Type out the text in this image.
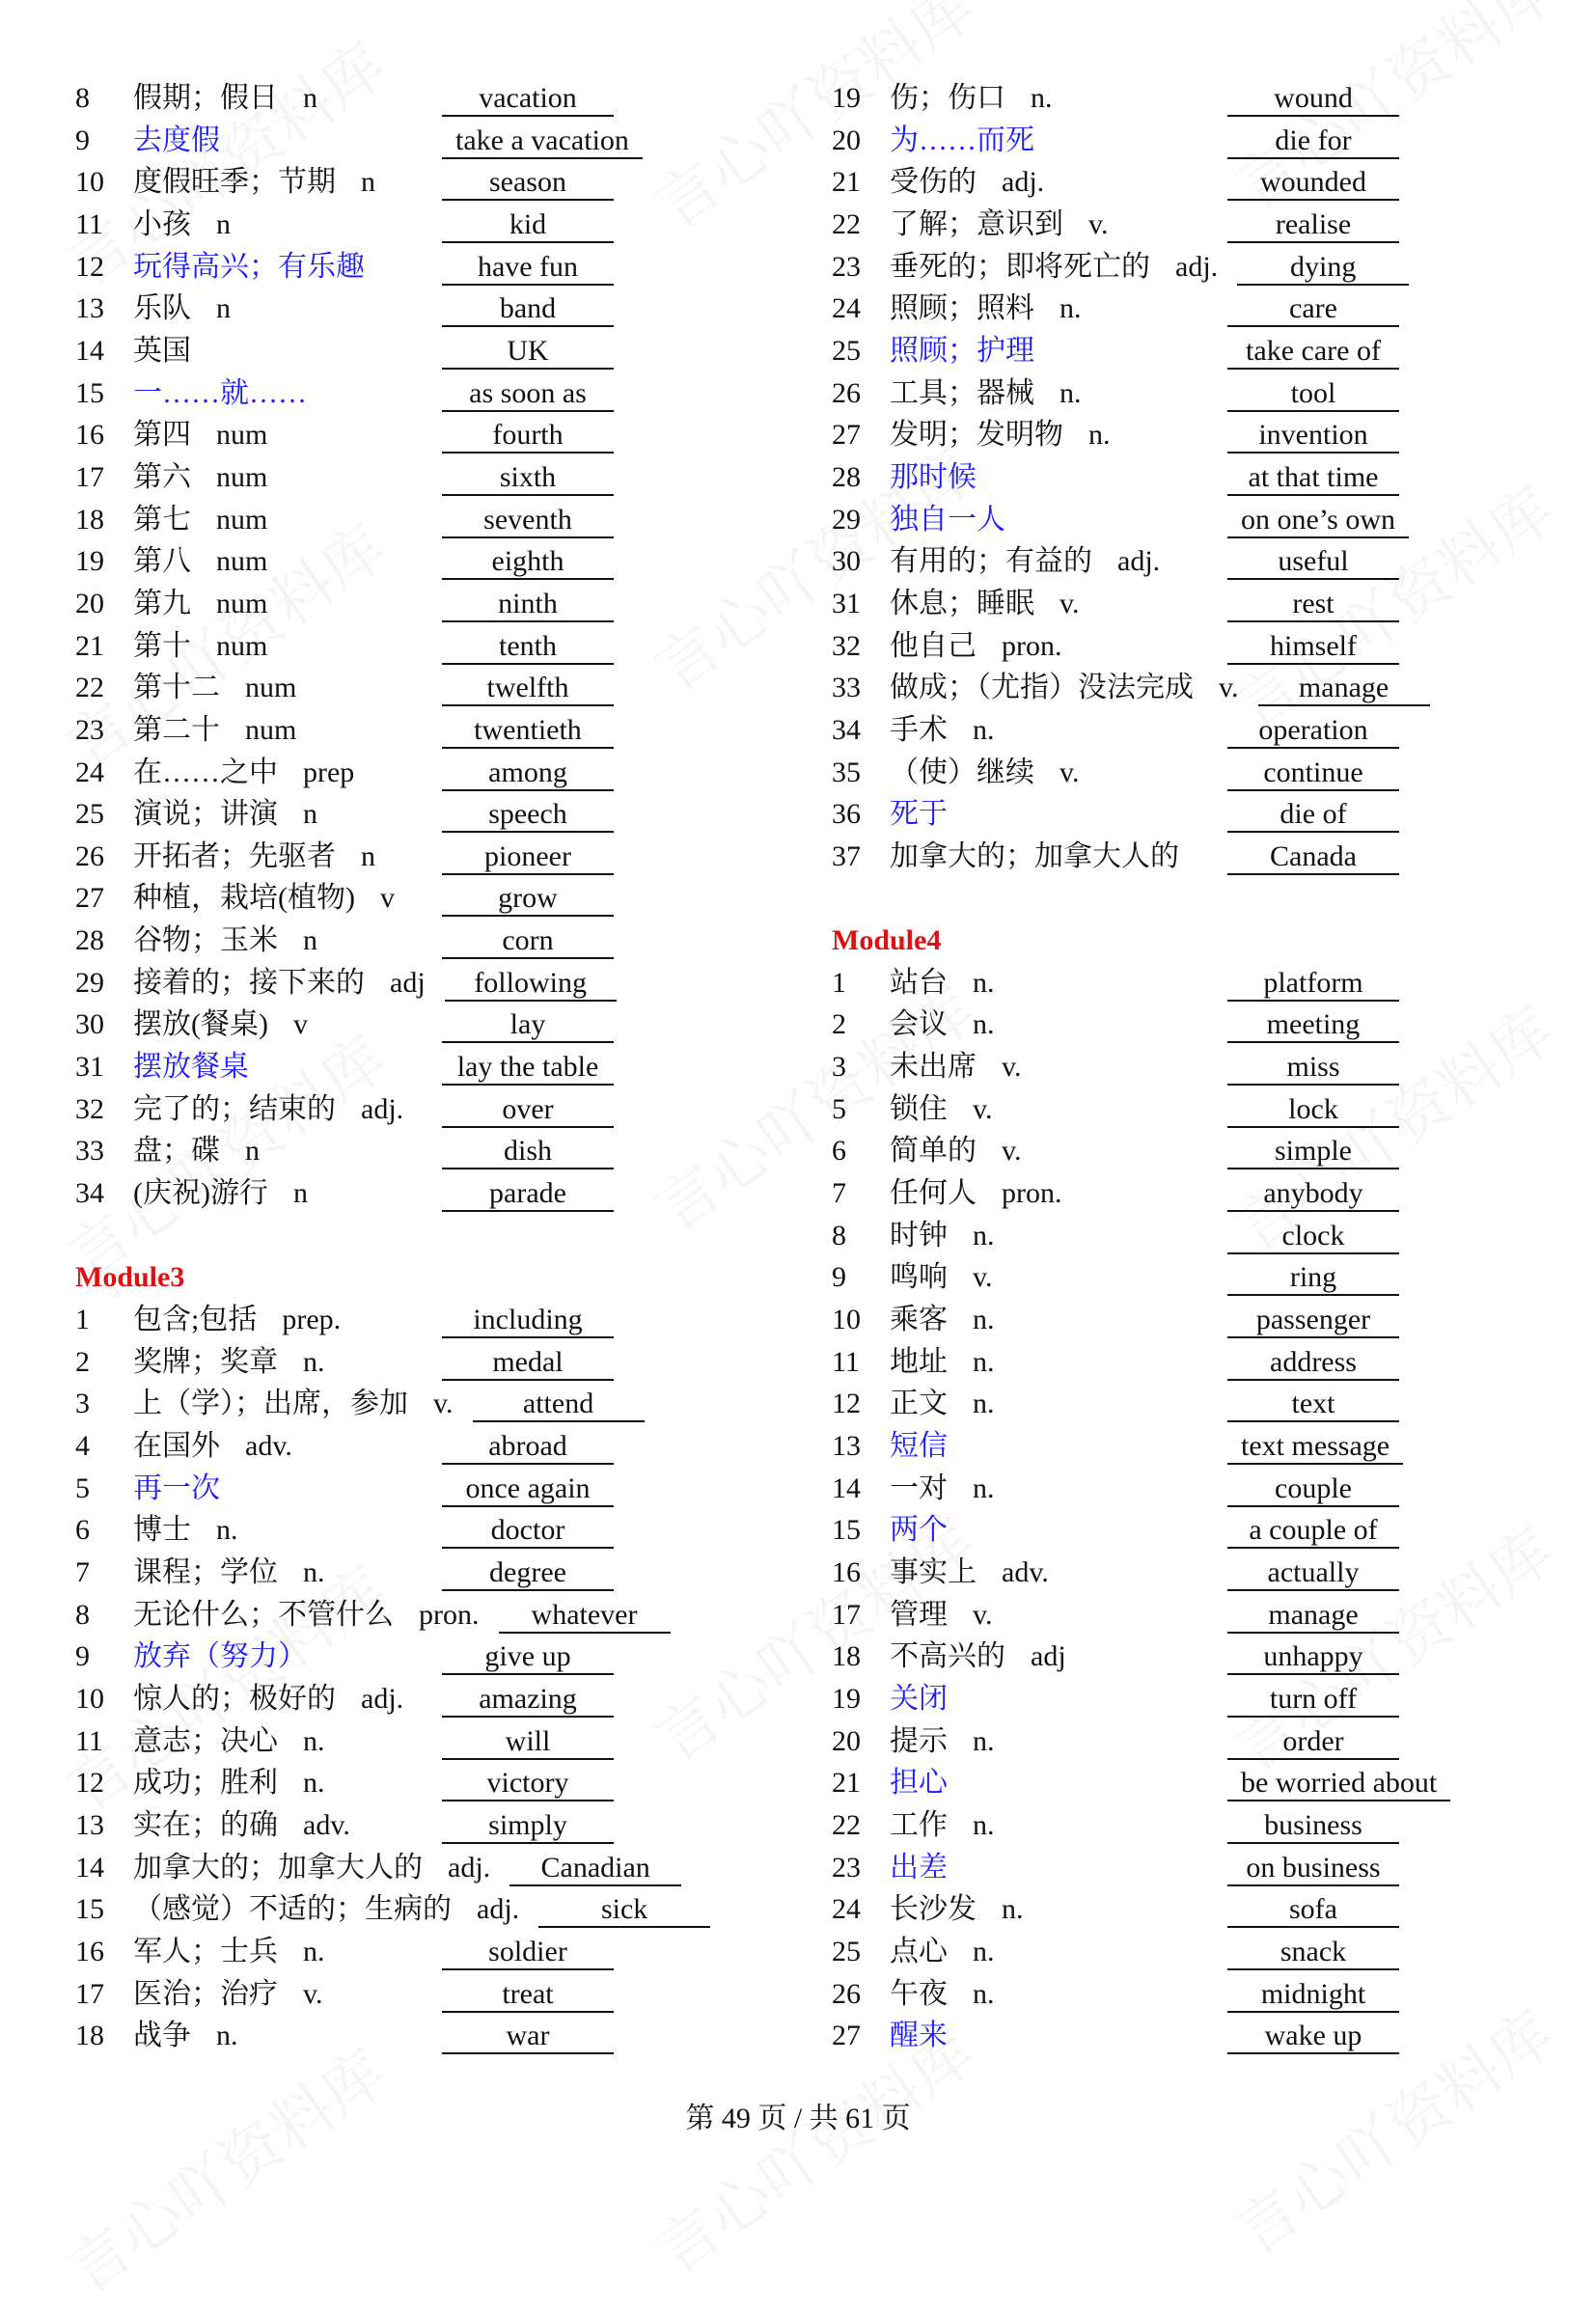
8	假期；假日 n	vacation
9	去度假	take a vacation
10	度假旺季；节期 n	season
11	小孩 n	kid
12	玩得高兴；有乐趣	have fun
13	乐队 n	band
14	英国	UK
15	一……就……	as soon as
16	第四 num	fourth
17	第六 num	sixth
18	第七 num	seventh
19	第八 num	eighth
20	第九 num	ninth
21	第十 num	tenth
22	第十二 num	twelfth
23	第二十 num	twentieth
24	在……之中 prep	among
25	演说；讲演 n	speech
26	开拓者；先驱者 n	pioneer
27	种植，栽培(植物) v	grow
28	谷物；玉米 n	corn
29	接着的；接下来的 adj	following
30	摆放(餐桌) v	lay
31	摆放餐桌	lay the table
32	完了的；结束的 adj.	over
33	盘；碟 n	dish
34	(庆祝)游行 n	parade
Module3
1	包含;包括 prep.	including
2	奖牌；奖章 n.	medal
3	上（学）；出席，参加 v.	attend
4	在国外 adv.	abroad
5	再一次	once again
6	博士 n.	doctor
7	课程；学位 n.	degree
8	无论什么；不管什么 pron.	whatever
9	放弃（努力）	give up
10	惊人的；极好的 adj.	amazing
11	意志；决心 n.	will
12	成功；胜利 n.	victory
13	实在；的确 adv.	simply
14	加拿大的；加拿大人的 adj.	Canadian
15	（感觉）不适的；生病的 adj.	sick
16	军人；士兵 n.	soldier
17	医治；治疗 v.	treat
18	战争 n.	war
19	伤；伤口 n.	wound
20	为……而死	die for
21	受伤的 adj.	wounded
22	了解；意识到 v.	realise
23	垂死的；即将死亡的 adj.	dying
24	照顾；照料 n.	care
25	照顾；护理	take care of
26	工具；器械 n.	tool
27	发明；发明物 n.	invention
28	那时候	at that time
29	独自一人	on one’s own
30	有用的；有益的 adj.	useful
31	休息；睡眠 v.	rest
32	他自己 pron.	himself
33	做成；（尤指）没法完成 v.	manage
34	手术 n.	operation
35	（使）继续 v.	continue
36	死于	die of
37	加拿大的；加拿大人的	Canada
Module4
1	站台 n.	platform
2	会议 n.	meeting
3	未出席 v.	miss
5	锁住 v.	lock
6	简单的 v.	simple
7	任何人 pron.	anybody
8	时钟 n.	clock
9	鸣响 v.	ring
10	乘客 n.	passenger
11	地址 n.	address
12	正文 n.	text
13	短信	text message
14	一对 n.	couple
15	两个	a couple of
16	事实上 adv.	actually
17	管理 v.	manage
18	不高兴的 adj	unhappy
19	关闭	turn off
20	提示 n.	order
21	担心	be worried about
22	工作 n.	business
23	出差	on business
24	长沙发 n.	sofa
25	点心 n.	snack
26	午夜 n.	midnight
27	醒来	wake up
第 49 页 / 共 61 页
